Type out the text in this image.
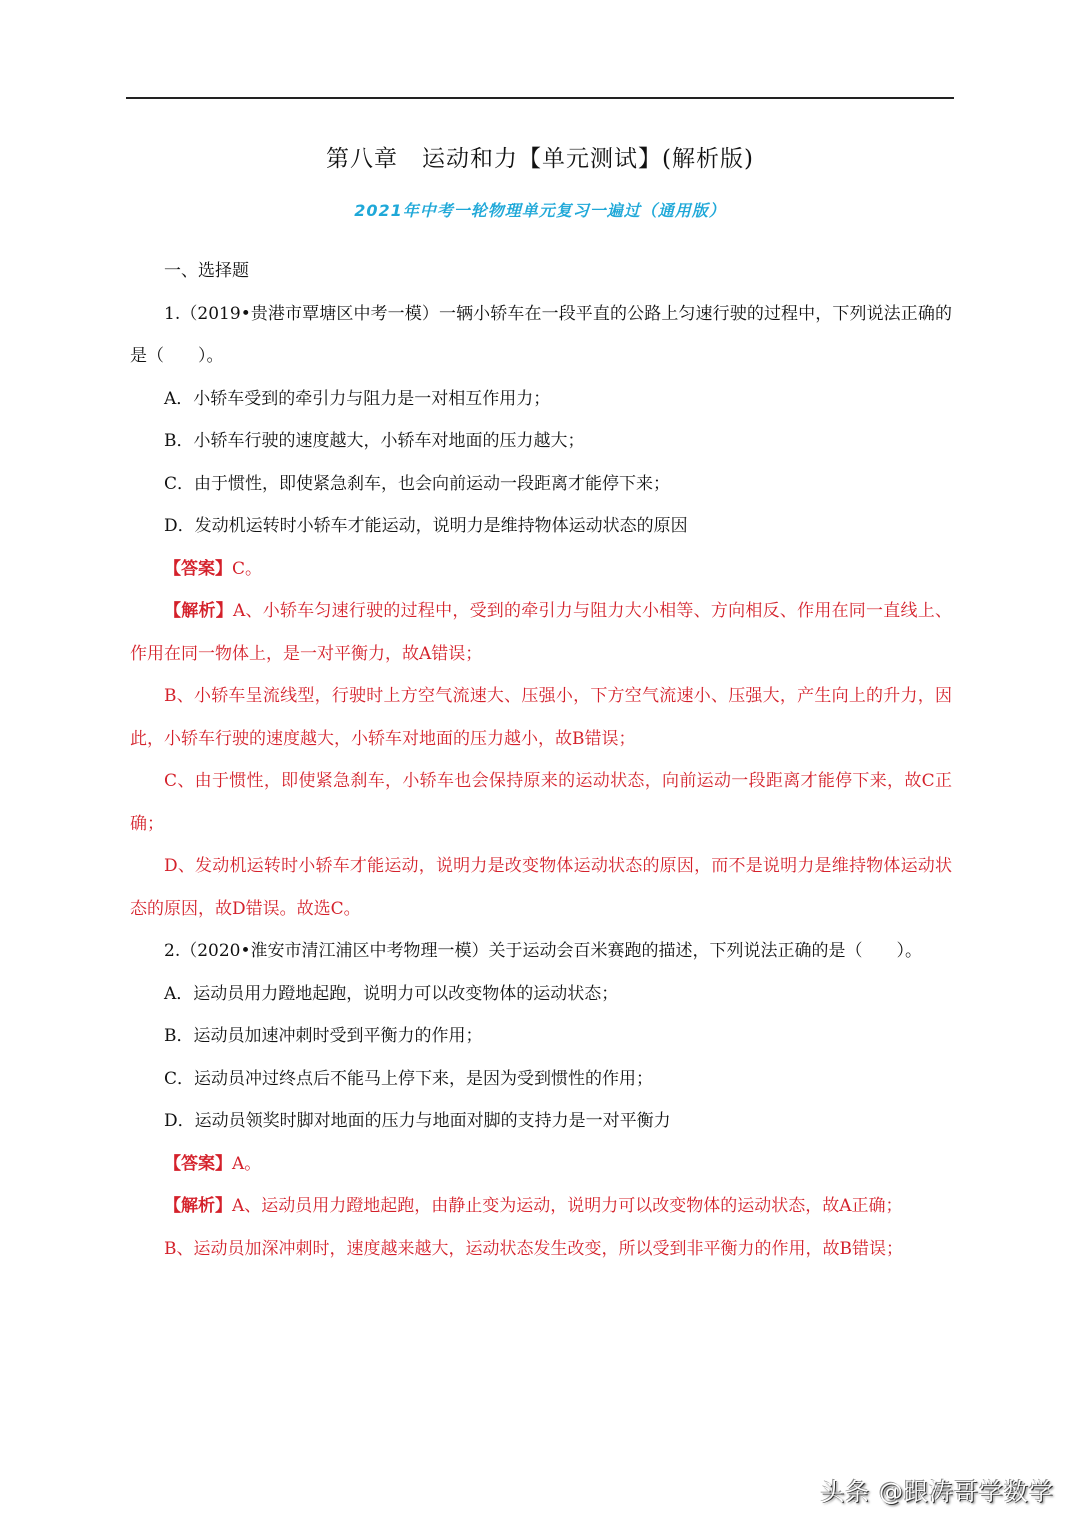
第八章　运动和力【单元测试】(解析版)
2021年中考一轮物理单元复习一遍过（通用版）

一、选择题

1.（2019•贵港市覃塘区中考一模）一辆小轿车在一段平直的公路上匀速行驶的过程中，下列说法正确的是（　　）。

A．小轿车受到的牵引力与阻力是一对相互作用力；

B．小轿车行驶的速度越大，小轿车对地面的压力越大；

C．由于惯性，即使紧急刹车，也会向前运动一段距离才能停下来；

D．发动机运转时小轿车才能运动，说明力是维持物体运动状态的原因

【答案】C。

【解析】A、小轿车匀速行驶的过程中，受到的牵引力与阻力大小相等、方向相反、作用在同一直线上、作用在同一物体上，是一对平衡力，故A错误；

B、小轿车呈流线型，行驶时上方空气流速大、压强小，下方空气流速小、压强大，产生向上的升力，因此，小轿车行驶的速度越大，小轿车对地面的压力越小，故B错误；

C、由于惯性，即使紧急刹车，小轿车也会保持原来的运动状态，向前运动一段距离才能停下来，故C正确；

D、发动机运转时小轿车才能运动，说明力是改变物体运动状态的原因，而不是说明力是维持物体运动状态的原因，故D错误。故选C。

2.（2020•淮安市清江浦区中考物理一模）关于运动会百米赛跑的描述，下列说法正确的是（　　）。

A．运动员用力蹬地起跑，说明力可以改变物体的运动状态；

B．运动员加速冲刺时受到平衡力的作用；

C．运动员冲过终点后不能马上停下来，是因为受到惯性的作用；

D．运动员领奖时脚对地面的压力与地面对脚的支持力是一对平衡力

【答案】A。

【解析】A、运动员用力蹬地起跑，由静止变为运动，说明力可以改变物体的运动状态，故A正确；

B、运动员加深冲刺时，速度越来越大，运动状态发生改变，所以受到非平衡力的作用，故B错误；

头条 @跟涛哥学数学
